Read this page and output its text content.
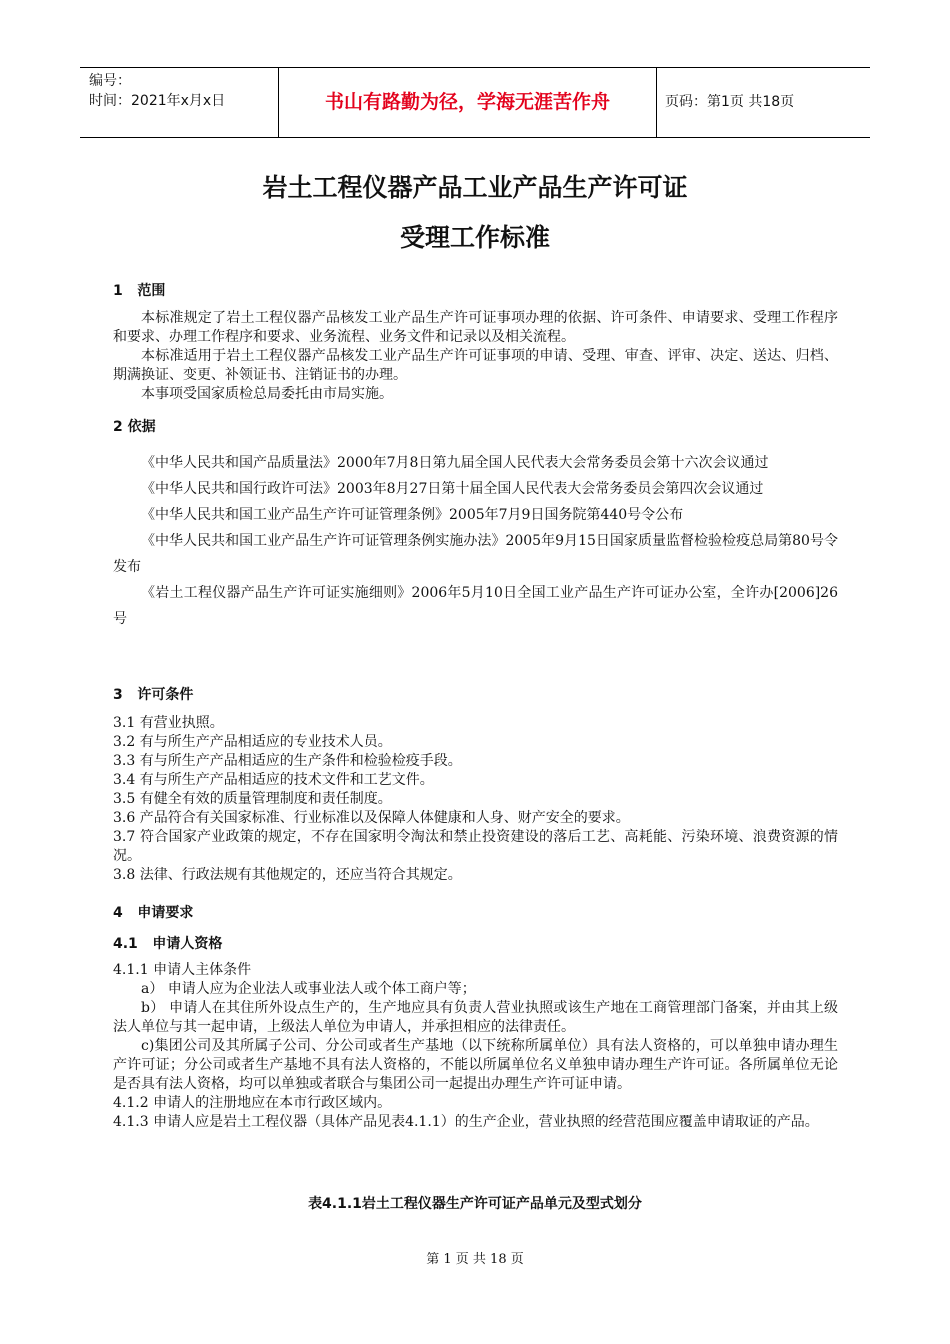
编号：
时间：2021年x月x日	书山有路勤为径，学海无涯苦作舟	页码：第1页 共18页
岩土工程仪器产品工业产品生产许可证
受理工作标准
1   范围
本标准规定了岩土工程仪器产品核发工业产品生产许可证事项办理的依据、许可条件、申请要求、受理工作程序和要求、办理工作程序和要求、业务流程、业务文件和记录以及相关流程。
本标准适用于岩土工程仪器产品核发工业产品生产许可证事项的申请、受理、审查、评审、决定、送达、归档、期满换证、变更、补领证书、注销证书的办理。
本事项受国家质检总局委托由市局实施。
2 依据
《中华人民共和国产品质量法》2000年7月8日第九届全国人民代表大会常务委员会第十六次会议通过
《中华人民共和国行政许可法》2003年8月27日第十届全国人民代表大会常务委员会第四次会议通过
《中华人民共和国工业产品生产许可证管理条例》2005年7月9日国务院第440号令公布
《中华人民共和国工业产品生产许可证管理条例实施办法》2005年9月15日国家质量监督检验检疫总局第80号令发布
《岩土工程仪器产品生产许可证实施细则》2006年5月10日全国工业产品生产许可证办公室，全许办[2006]26号
3   许可条件
3.1 有营业执照。
3.2 有与所生产产品相适应的专业技术人员。
3.3 有与所生产产品相适应的生产条件和检验检疫手段。
3.4 有与所生产产品相适应的技术文件和工艺文件。
3.5 有健全有效的质量管理制度和责任制度。
3.6 产品符合有关国家标准、行业标准以及保障人体健康和人身、财产安全的要求。
3.7 符合国家产业政策的规定，不存在国家明令淘汰和禁止投资建设的落后工艺、高耗能、污染环境、浪费资源的情况。
3.8 法律、行政法规有其他规定的，还应当符合其规定。
4   申请要求
4.1   申请人资格
4.1.1 申请人主体条件
a） 申请人应为企业法人或事业法人或个体工商户等；
b） 申请人在其住所外设点生产的，生产地应具有负责人营业执照或该生产地在工商管理部门备案，并由其上级法人单位与其一起申请，上级法人单位为申请人，并承担相应的法律责任。
c)集团公司及其所属子公司、分公司或者生产基地（以下统称所属单位）具有法人资格的，可以单独申请办理生产许可证；分公司或者生产基地不具有法人资格的，不能以所属单位名义单独申请办理生产许可证。各所属单位无论是否具有法人资格，均可以单独或者联合与集团公司一起提出办理生产许可证申请。
4.1.2 申请人的注册地应在本市行政区域内。
4.1.3 申请人应是岩土工程仪器（具体产品见表4.1.1）的生产企业，营业执照的经营范围应覆盖申请取证的产品。
表4.1.1岩土工程仪器生产许可证产品单元及型式划分
第 1 页 共 18 页
